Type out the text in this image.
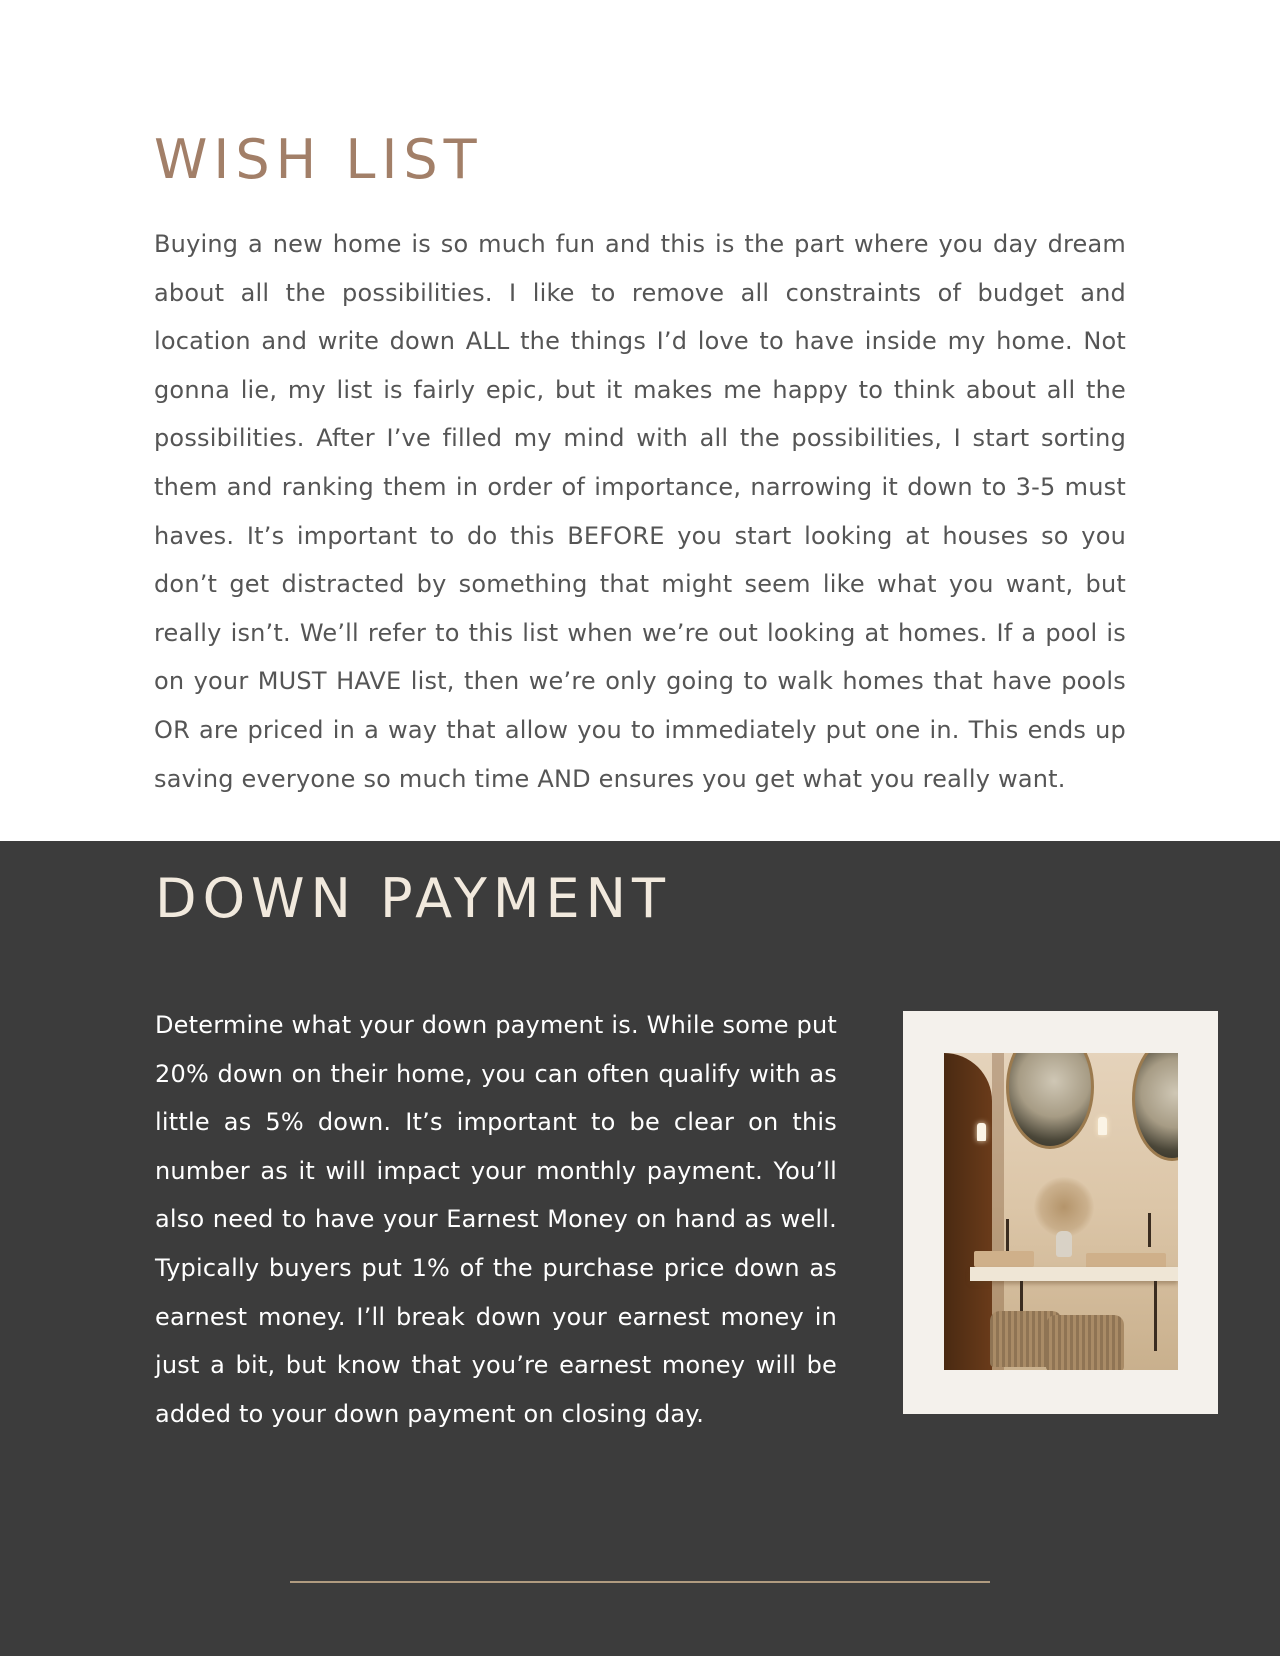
WISH LIST

Buying a new home is so much fun and this is the part where you day dream about all the possibilities. I like to remove all constraints of budget and location and write down ALL the things I’d love to have inside my home. Not gonna lie, my list is fairly epic, but it makes me happy to think about all the possibilities. After I’ve filled my mind with all the possibilities, I start sorting them and ranking them in order of importance, narrowing it down to 3-5 must haves. It’s important to do this BEFORE you start looking at houses so you don’t get distracted by something that might seem like what you want, but really isn’t. We’ll refer to this list when we’re out looking at homes. If a pool is on your MUST HAVE list, then we’re only going to walk homes that have pools OR are priced in a way that allow you to immediately put one in. This ends up saving everyone so much time AND ensures you get what you really want.

DOWN PAYMENT

Determine what your down payment is. While some put 20% down on their home, you can often qualify with as little as 5% down. It’s important to be clear on this number as it will impact your monthly payment. You’ll also need to have your Earnest Money on hand as well. Typically buyers put 1% of the purchase price down as earnest money. I’ll break down your earnest money in just a bit, but know that you’re earnest money will be added to your down payment on closing day.
